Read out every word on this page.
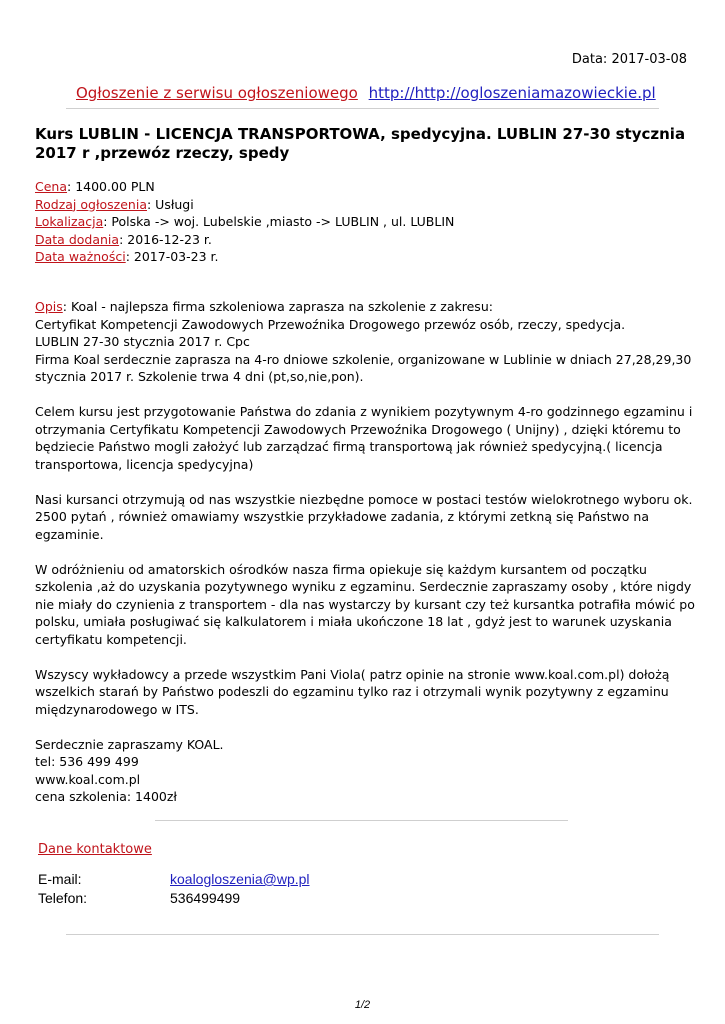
Data: 2017-03-08
Ogłoszenie z serwisu ogłoszeniowego http://http://ogloszeniamazowieckie.pl
Kurs LUBLIN - LICENCJA TRANSPORTOWA, spedycyjna. LUBLIN 27-30 stycznia 2017 r ,przewóz rzeczy, spedy
Cena: 1400.00 PLN
Rodzaj ogłoszenia: Usługi
Lokalizacja: Polska -> woj. Lubelskie ,miasto -> LUBLIN , ul. LUBLIN
Data dodania: 2016-12-23 r.
Data ważności: 2017-03-23 r.
Opis: Koal - najlepsza firma szkoleniowa zaprasza na szkolenie z zakresu:

Certyfikat Kompetencji Zawodowych Przewoźnika Drogowego przewóz osób, rzeczy, spedycja.
LUBLIN 27-30 stycznia 2017 r. Cpc
Firma Koal serdecznie zaprasza na 4-ro dniowe szkolenie, organizowane w Lublinie w dniach 27,28,29,30
stycznia 2017 r. Szkolenie trwa 4 dni (pt,so,nie,pon).

Celem kursu jest przygotowanie Państwa do zdania z wynikiem pozytywnym 4-ro godzinnego egzaminu i
otrzymania Certyfikatu Kompetencji Zawodowych Przewoźnika Drogowego ( Unijny) , dzięki któremu to
będziecie Państwo mogli założyć lub zarządzać firmą transportową jak również spedycyjną.( licencja
transportowa, licencja spedycyjna)

Nasi kursanci otrzymują od nas wszystkie niezbędne pomoce w postaci testów wielokrotnego wyboru ok.
2500 pytań , również omawiamy wszystkie przykładowe zadania, z którymi zetkną się Państwo na
egzaminie.

W odróżnieniu od amatorskich ośrodków nasza firma opiekuje się każdym kursantem od początku
szkolenia ,aż do uzyskania pozytywnego wyniku z egzaminu. Serdecznie zapraszamy osoby , które nigdy
nie miały do czynienia z transportem - dla nas wystarczy by kursant czy też kursantka potrafiła mówić po
polsku, umiała posługiwać się kalkulatorem i miała ukończone 18 lat , gdyż jest to warunek uzyskania
certyfikatu kompetencji.

Wszyscy wykładowcy a przede wszystkim Pani Viola( patrz opinie na stronie www.koal.com.pl) dołożą
wszelkich starań by Państwo podeszli do egzaminu tylko raz i otrzymali wynik pozytywny z egzaminu
międzynarodowego w ITS.

Serdecznie zapraszamy KOAL.
tel: 536 499 499
www.koal.com.pl
cena szkolenia: 1400zł

Dane kontaktowe
E-mail:	koalogloszenia@wp.pl
Telefon:	536499499
1/2
